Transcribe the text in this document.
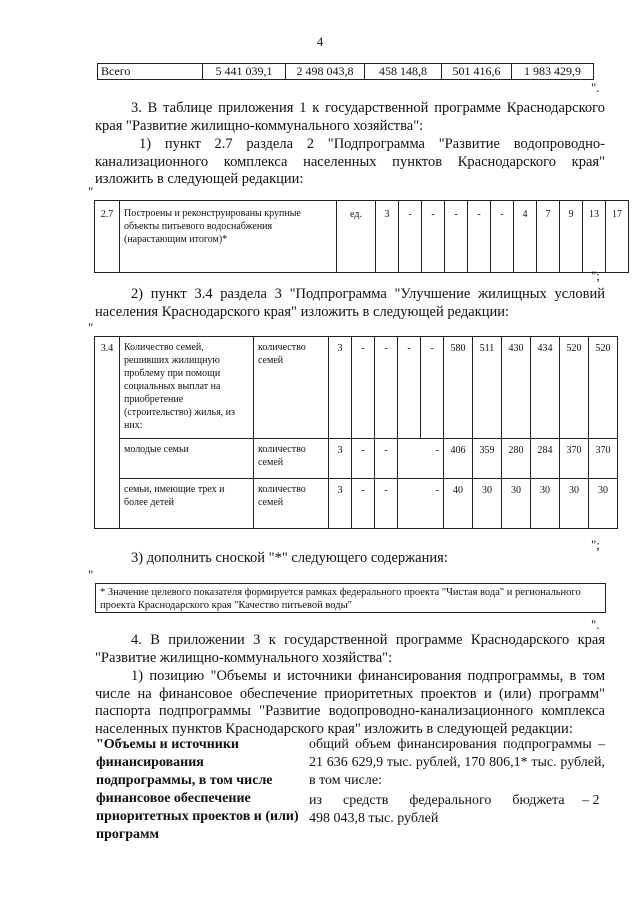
4
Всего	5 441 039,1	2 498 043,8	458 148,8	501 416,6	1 983 429,9
".
3. В таблице приложения 1 к государственной программе Краснодарского края "Развитие жилищно-коммунального хозяйства":
1) пункт 2.7 раздела 2 "Подпрограмма "Развитие водопроводно-канализационного комплекса населенных пунктов Краснодарского края" изложить в следующей редакции:
"
2.7	Построены и реконструированы крупные объекты питьевого водоснабжения (нарастающим итогом)*	ед.	3	-	-	-	-	-	4	7	9	13	17
";
2) пункт 3.4 раздела 3 "Подпрограмма "Улучшение жилищных условий населения Краснодарского края" изложить в следующей редакции:
"
3.4	Количество семей, решивших жилищную проблему при помощи социальных выплат на приобретение (строительство) жилья, из них:	количество семей	3	-	-	-	-	580	511	430	434	520	520
	молодые семьи	количество семей	3	-	-	-		406	359	280	284	370	370
	семьи, имеющие трех и более детей	количество семей	3	-	-	-		40	30	30	30	30	30
";
3) дополнить сноской "*" следующего содержания:
"
* Значение целевого показателя формируется рамках федерального проекта "Чистая вода" и регионального проекта Краснодарского края "Качество питьевой воды"
".
4. В приложении 3 к государственной программе Краснодарского края "Развитие жилищно-коммунального хозяйства":
1) позицию "Объемы и источники финансирования подпрограммы, в том числе на финансовое обеспечение приоритетных проектов и (или) программ" паспорта подпрограммы "Развитие водопроводно-канализационного комплекса населенных пунктов Краснодарского края" изложить в следующей редакции:
"Объемы и источники финансирования подпрограммы, в том числе финансовое обеспечение приоритетных проектов и (или) программ
общий объем финансирования подпрограммы – 21 636 629,9 тыс. рублей, 170 806,1* тыс. рублей, в том числе:
из      средств      федерального      бюджета     – 2 498 043,8 тыс. рублей
